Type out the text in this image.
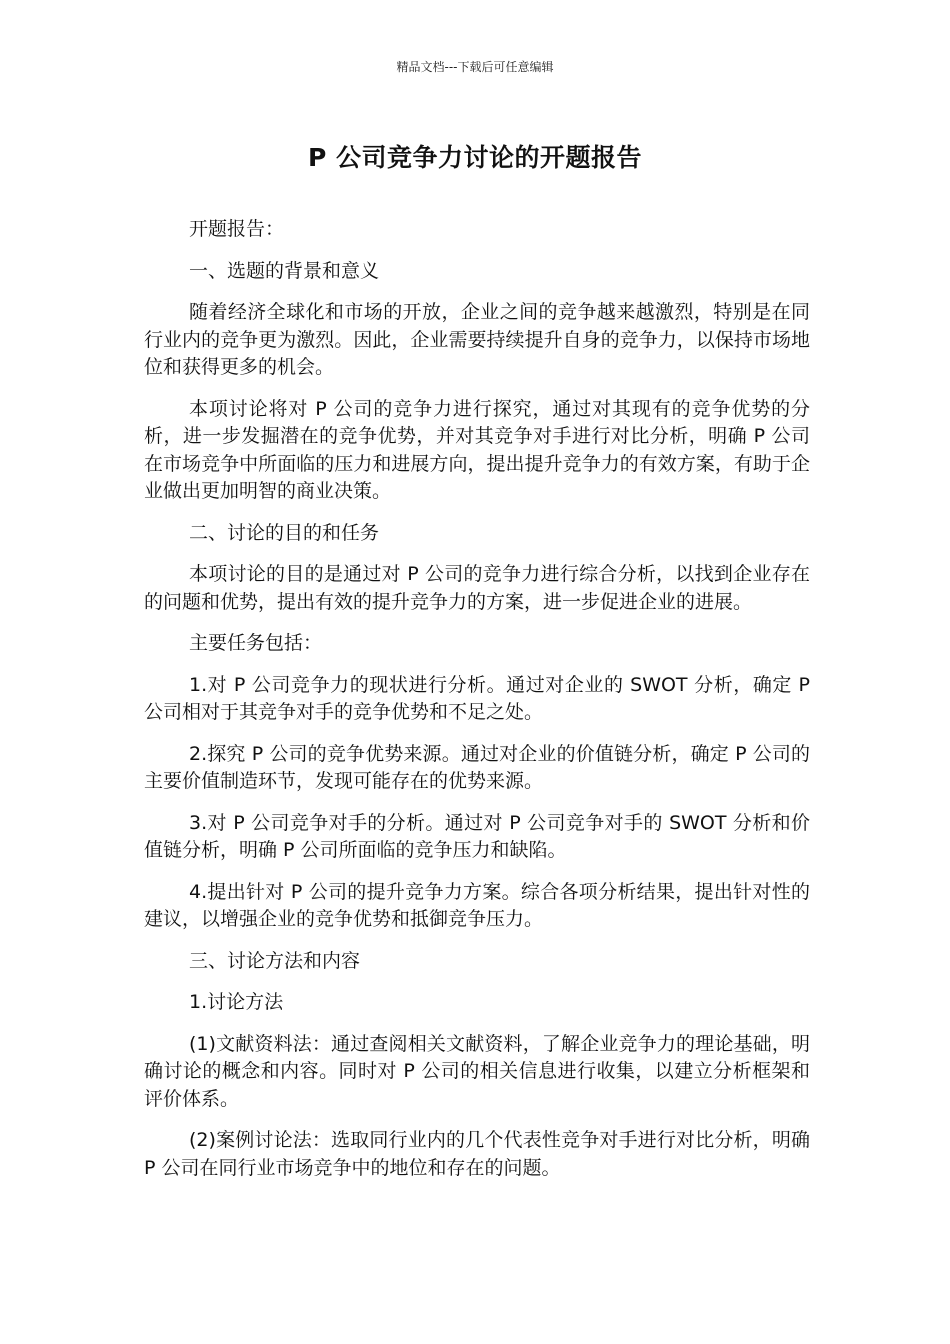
精品文档---下载后可任意编辑
P 公司竞争力讨论的开题报告

开题报告：

一、选题的背景和意义

随着经济全球化和市场的开放，企业之间的竞争越来越激烈，特别是在同行业内的竞争更为激烈。因此，企业需要持续提升自身的竞争力，以保持市场地位和获得更多的机会。

本项讨论将对 P 公司的竞争力进行探究，通过对其现有的竞争优势的分析，进一步发掘潜在的竞争优势，并对其竞争对手进行对比分析，明确 P 公司在市场竞争中所面临的压力和进展方向，提出提升竞争力的有效方案，有助于企业做出更加明智的商业决策。

二、讨论的目的和任务

本项讨论的目的是通过对 P 公司的竞争力进行综合分析，以找到企业存在的问题和优势，提出有效的提升竞争力的方案，进一步促进企业的进展。

主要任务包括：

1.对 P 公司竞争力的现状进行分析。通过对企业的 SWOT 分析，确定 P 公司相对于其竞争对手的竞争优势和不足之处。

2.探究 P 公司的竞争优势来源。通过对企业的价值链分析，确定 P 公司的主要价值制造环节，发现可能存在的优势来源。

3.对 P 公司竞争对手的分析。通过对 P 公司竞争对手的 SWOT 分析和价值链分析，明确 P 公司所面临的竞争压力和缺陷。

4.提出针对 P 公司的提升竞争力方案。综合各项分析结果，提出针对性的建议，以增强企业的竞争优势和抵御竞争压力。

三、讨论方法和内容

1.讨论方法

(1)文献资料法：通过查阅相关文献资料，了解企业竞争力的理论基础，明确讨论的概念和内容。同时对 P 公司的相关信息进行收集，以建立分析框架和评价体系。

(2)案例讨论法：选取同行业内的几个代表性竞争对手进行对比分析，明确 P 公司在同行业市场竞争中的地位和存在的问题。
